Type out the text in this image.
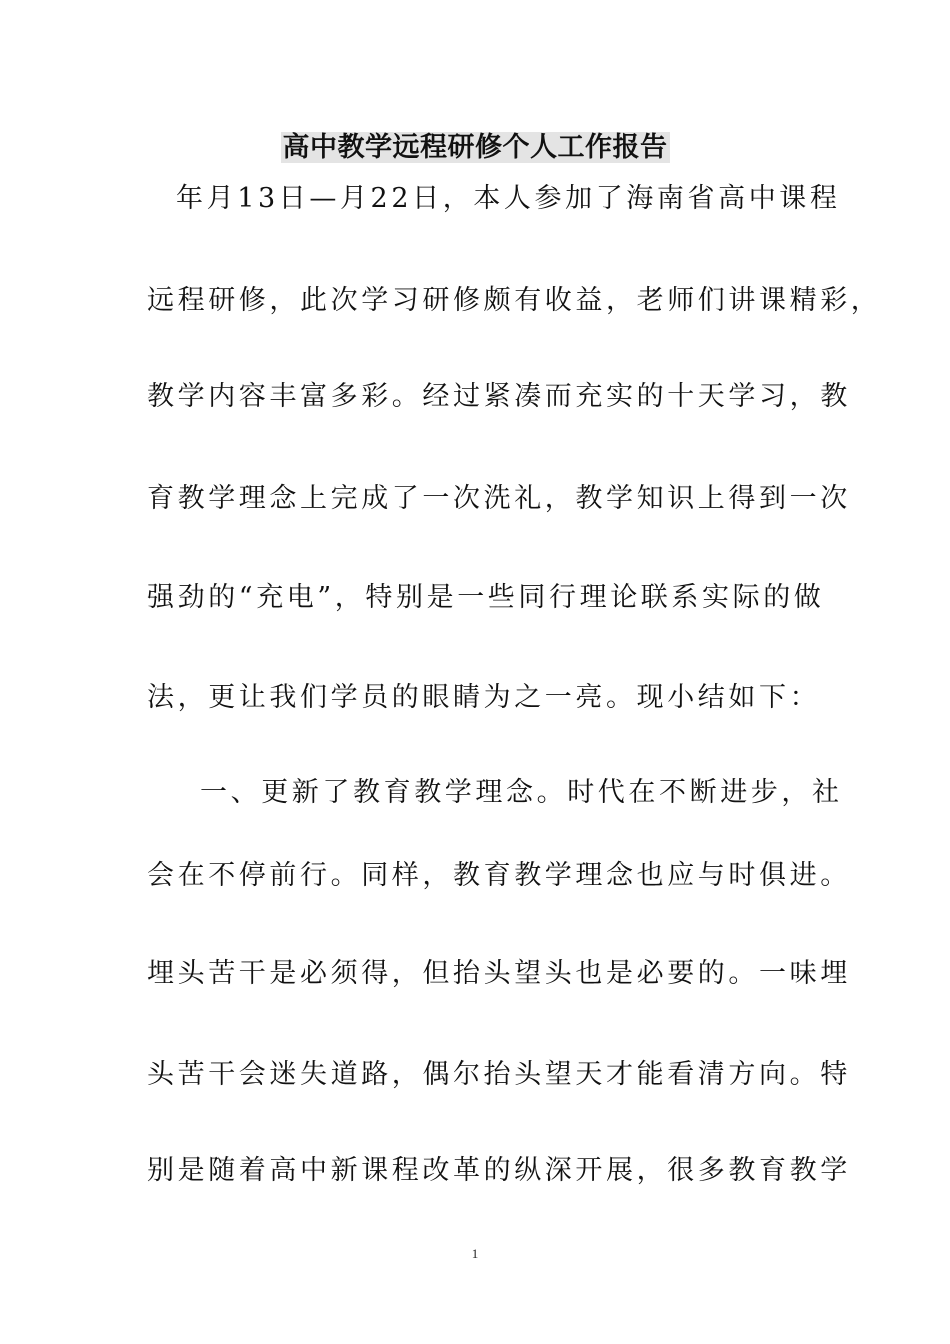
高中教学远程研修个人工作报告
年月13日—月22日，本人参加了海南省高中课程
远程研修，此次学习研修颇有收益，老师们讲课精彩，
教学内容丰富多彩。经过紧凑而充实的十天学习，教
育教学理念上完成了一次洗礼，教学知识上得到一次
强劲的“充电”，特别是一些同行理论联系实际的做
法，更让我们学员的眼睛为之一亮。现小结如下：
一、更新了教育教学理念。时代在不断进步，社
会在不停前行。同样，教育教学理念也应与时俱进。
埋头苦干是必须得，但抬头望头也是必要的。一味埋
头苦干会迷失道路，偶尔抬头望天才能看清方向。特
别是随着高中新课程改革的纵深开展，很多教育教学
1
